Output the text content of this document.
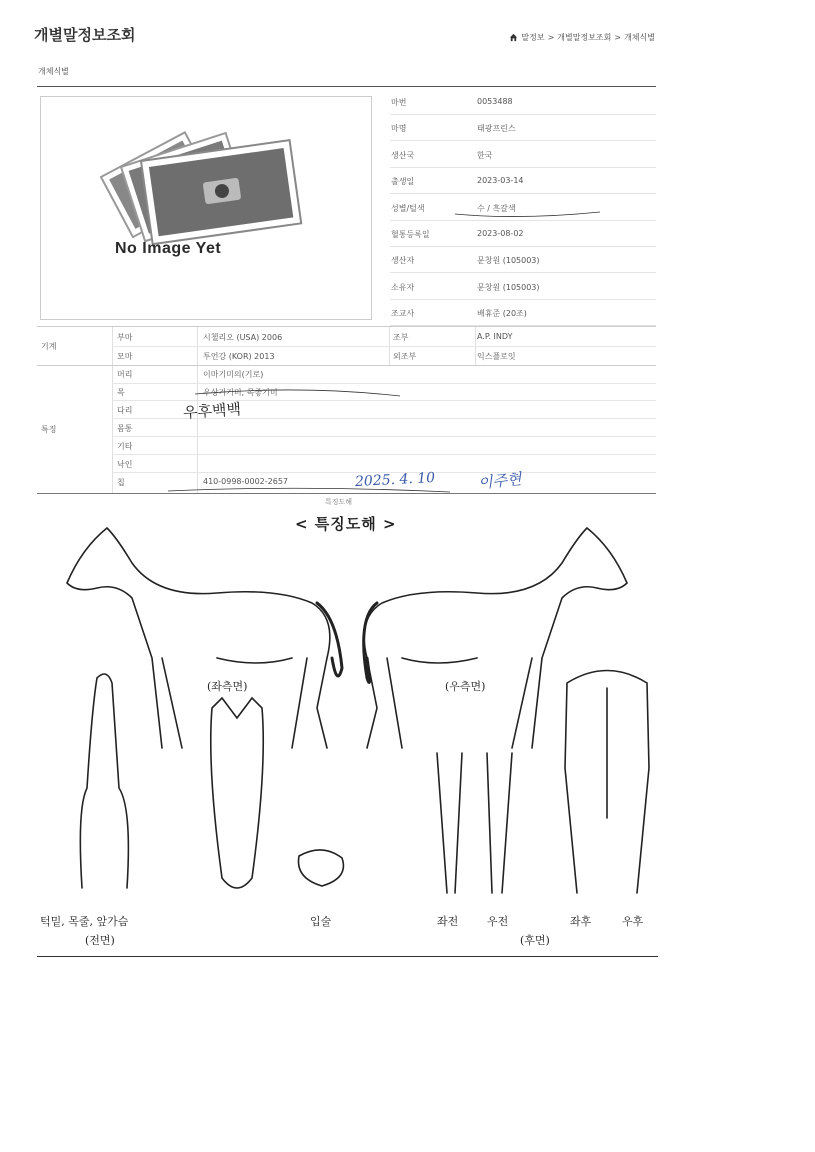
개별말정보조회	말정보 > 개별말정보조회 > 개체식별
개체식별
No Image Yet
마번	0053488
마명	태광프린스
생산국	한국
출생일	2023-03-14
성별/털색	수 / 흑갈색
혈통등록일	2023-08-02
생산자	문창원 (105003)
소유자	문창원 (105003)
조교사	배휴준 (20조)
기계
부마	시첼리오 (USA) 2006	조부	A.P. INDY
모마	투언강 (KOR) 2013	외조부	익스플로잇
특징
머리	이마기미의(기로)
목	우상기기미, 목좋기미
다리
몸통
기타
낙인
칩	410-0998-0002-2657
우후백백
2025. 4. 10	이주현
특징도해
< 특징도해 >
(좌측면)	(우측면)
턱밑, 목줄, 앞가슴
(전면)
입술	좌전	우전	좌후	우후
(후면)
